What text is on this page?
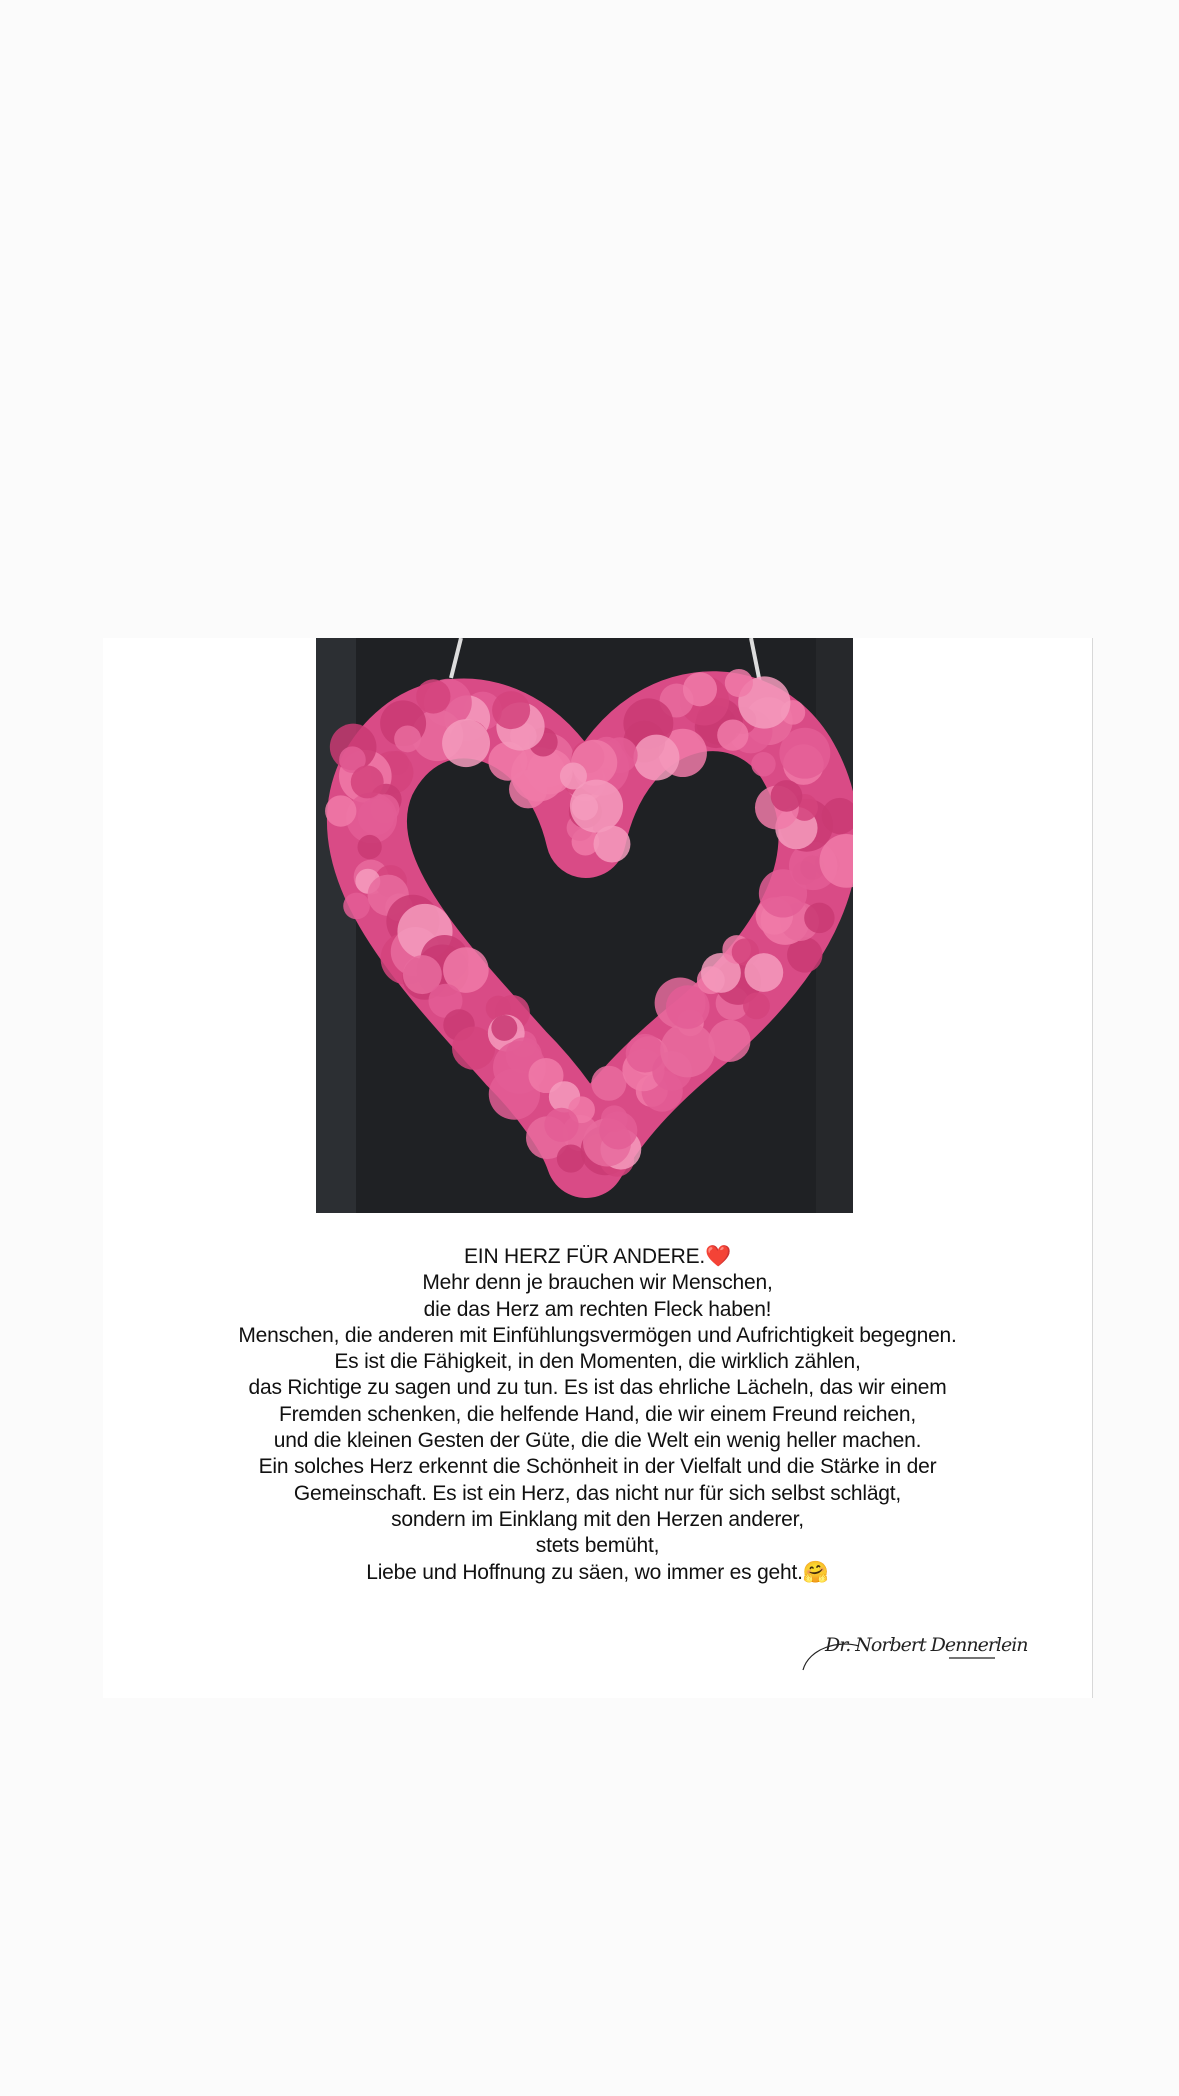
EIN HERZ FÜR ANDERE.❤️
Mehr denn je brauchen wir Menschen,
die das Herz am rechten Fleck haben!
Menschen, die anderen mit Einfühlungsvermögen und Aufrichtigkeit begegnen.
Es ist die Fähigkeit, in den Momenten, die wirklich zählen,
das Richtige zu sagen und zu tun. Es ist das ehrliche Lächeln, das wir einem
Fremden schenken, die helfende Hand, die wir einem Freund reichen,
und die kleinen Gesten der Güte, die die Welt ein wenig heller machen.
Ein solches Herz erkennt die Schönheit in der Vielfalt und die Stärke in der
Gemeinschaft. Es ist ein Herz, das nicht nur für sich selbst schlägt,
sondern im Einklang mit den Herzen anderer,
stets bemüht,
Liebe und Hoffnung zu säen, wo immer es geht.🤗
Dr. Norbert Dennerlein
